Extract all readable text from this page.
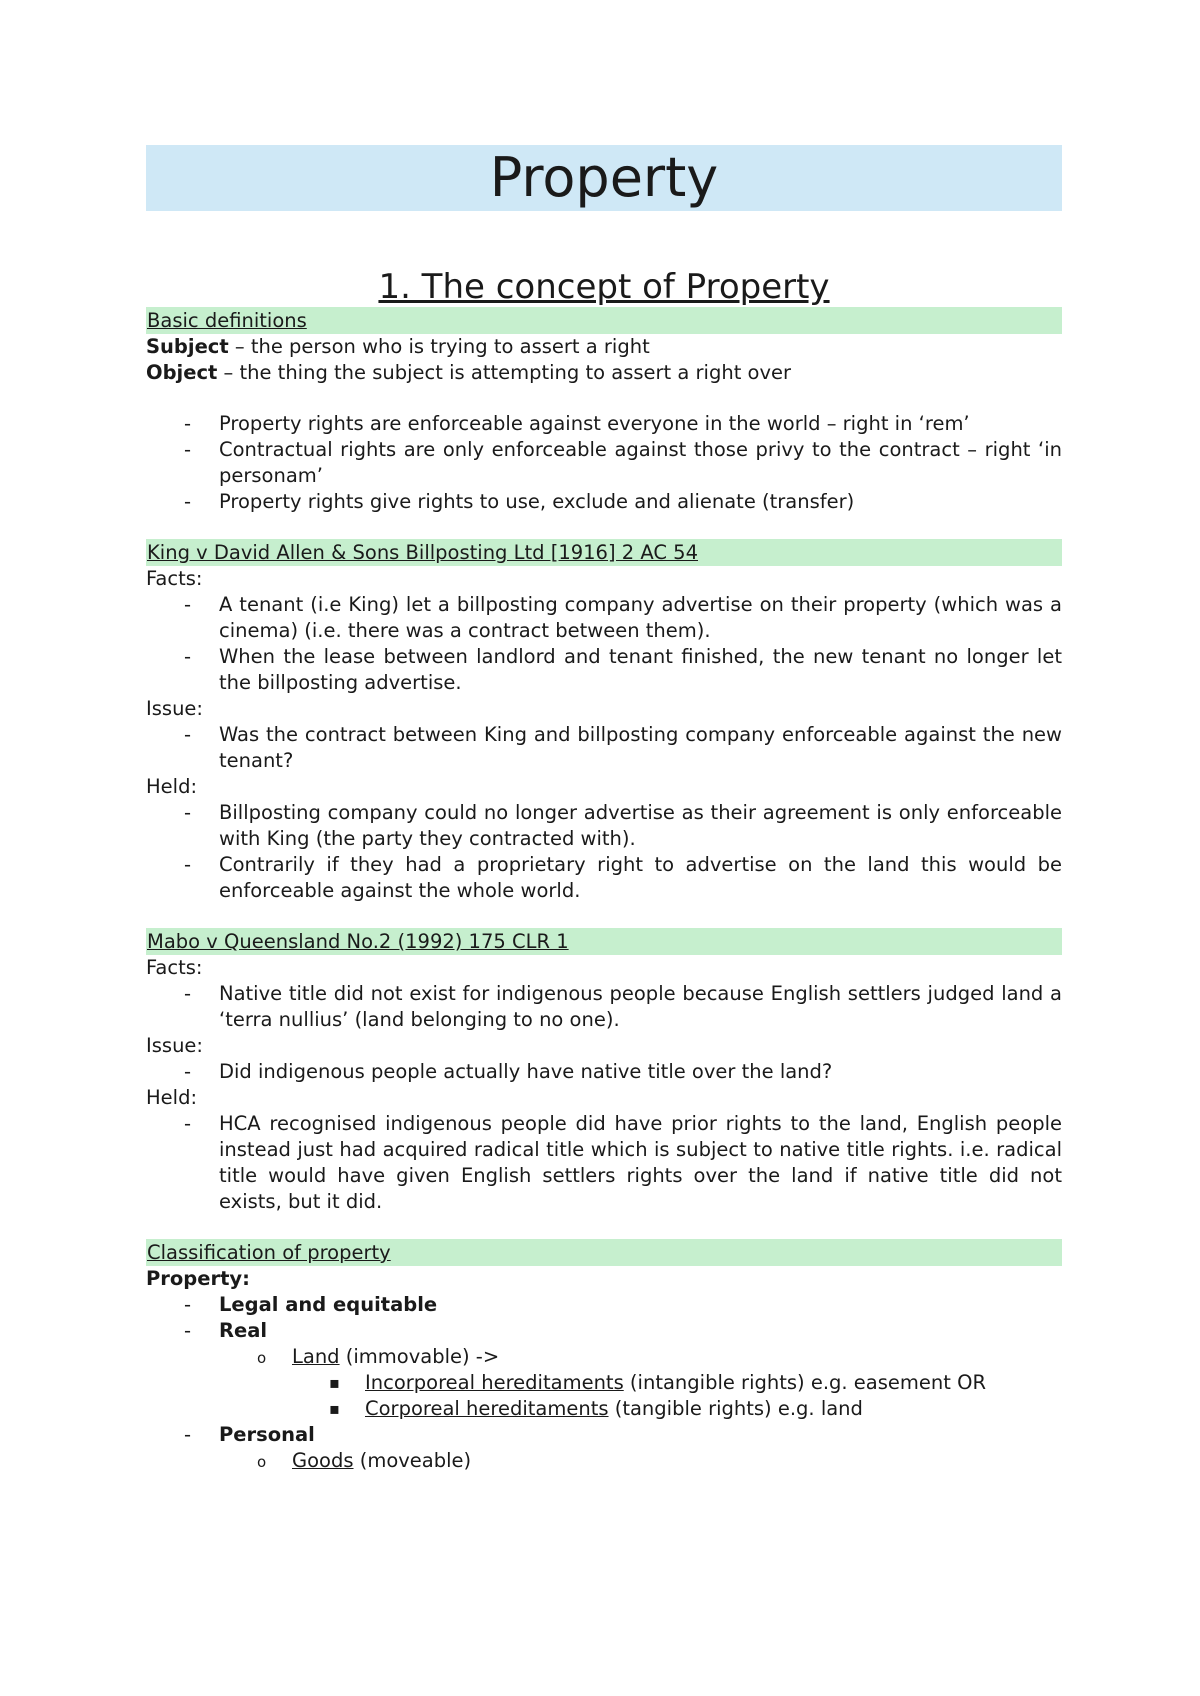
Property
1. The concept of Property
Basic definitions
Subject – the person who is trying to assert a right
Object – the thing the subject is attempting to assert a right over
- Property rights are enforceable against everyone in the world – right in ‘rem’
- Contractual rights are only enforceable against those privy to the contract – right ‘in personam’
- Property rights give rights to use, exclude and alienate (transfer)
King v David Allen & Sons Billposting Ltd [1916] 2 AC 54
Facts:
- A tenant (i.e King) let a billposting company advertise on their property (which was a cinema) (i.e. there was a contract between them).
- When the lease between landlord and tenant finished, the new tenant no longer let the billposting advertise.
Issue:
- Was the contract between King and billposting company enforceable against the new tenant?
Held:
- Billposting company could no longer advertise as their agreement is only enforceable with King (the party they contracted with).
- Contrarily if they had a proprietary right to advertise on the land this would be enforceable against the whole world.
Mabo v Queensland No.2 (1992) 175 CLR 1
Facts:
- Native title did not exist for indigenous people because English settlers judged land a ‘terra nullius’ (land belonging to no one).
Issue:
- Did indigenous people actually have native title over the land?
Held:
- HCA recognised indigenous people did have prior rights to the land, English people instead just had acquired radical title which is subject to native title rights. i.e. radical title would have given English settlers rights over the land if native title did not exists, but it did.
Classification of property
Property:
- Legal and equitable
- Real
o Land (immovable) ->
▪ Incorporeal hereditaments (intangible rights) e.g. easement OR
▪ Corporeal hereditaments (tangible rights) e.g. land
- Personal
o Goods (moveable)
